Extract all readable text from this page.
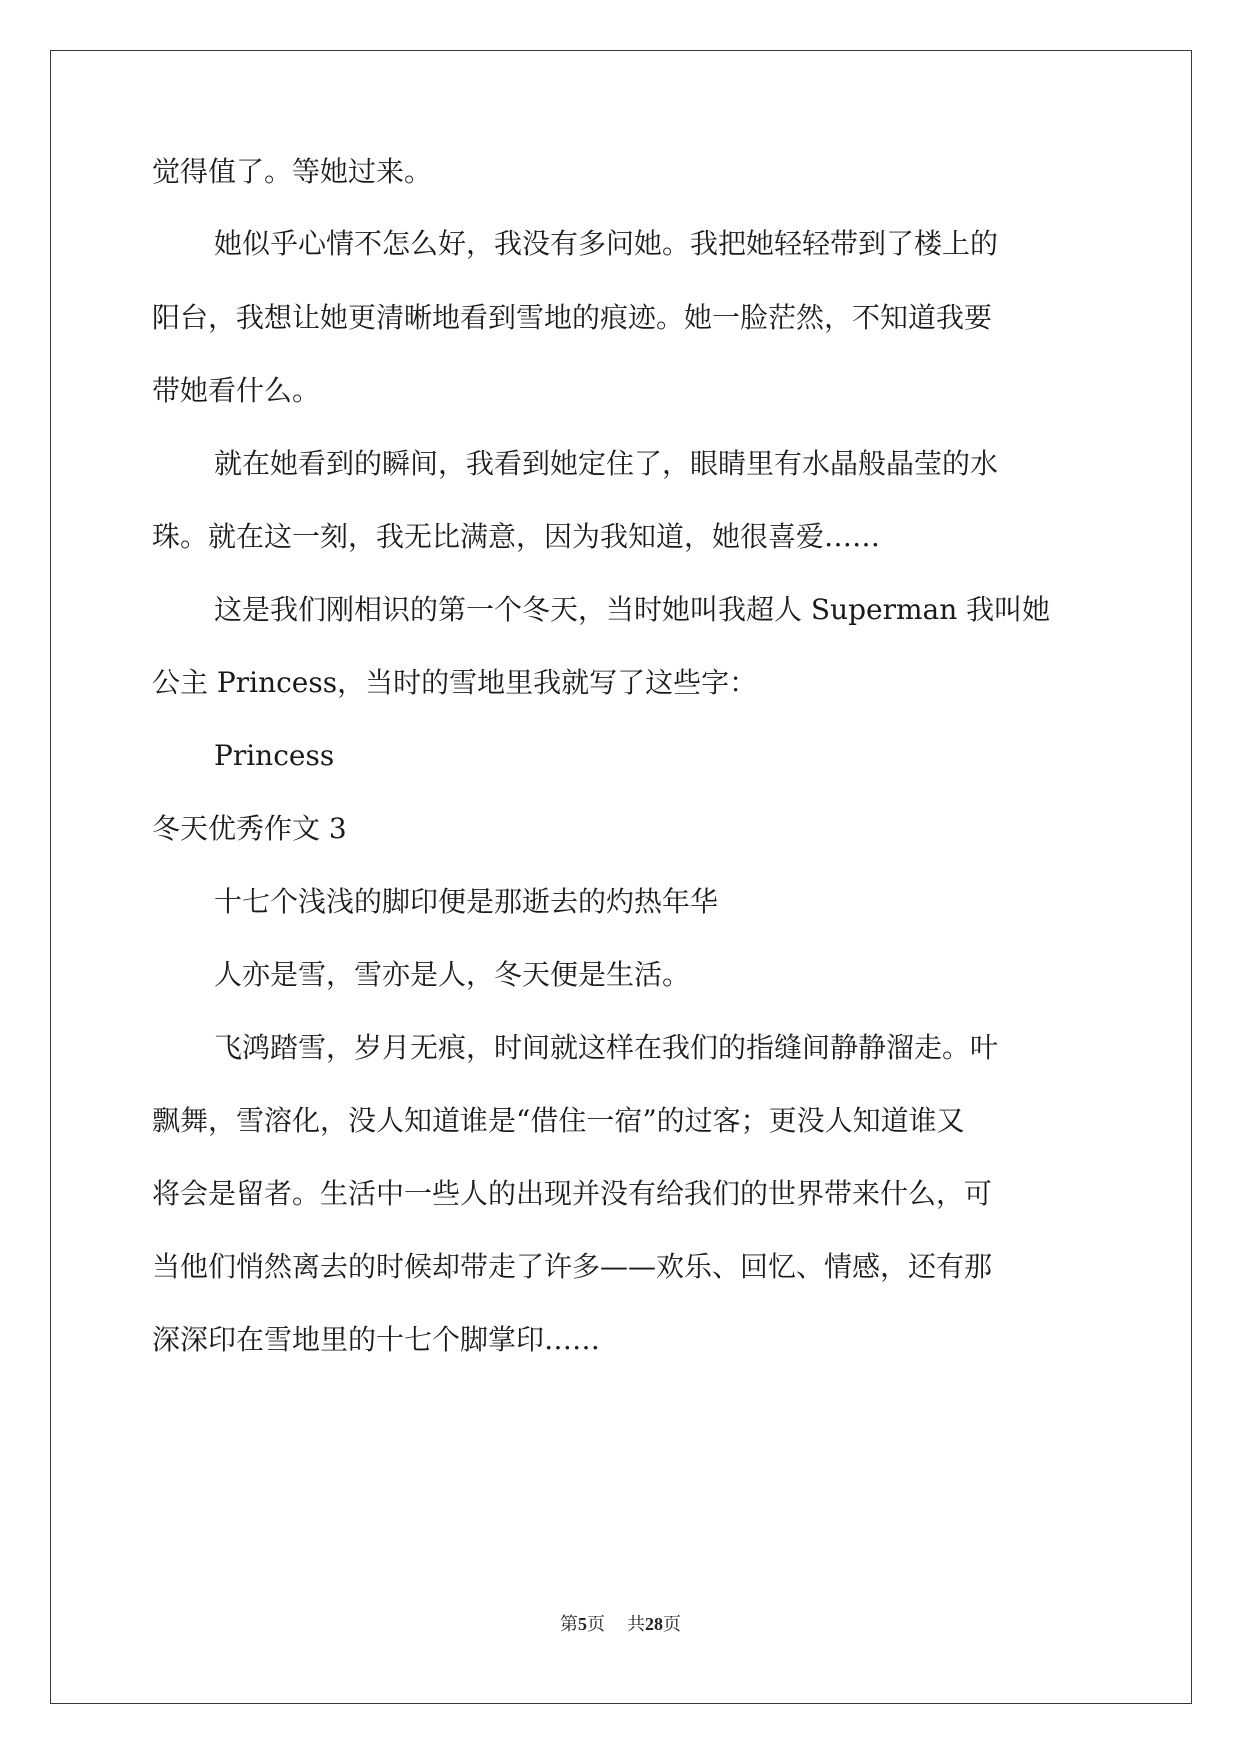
觉得值了。等她过来。

她似乎心情不怎么好，我没有多问她。我把她轻轻带到了楼上的

阳台，我想让她更清晰地看到雪地的痕迹。她一脸茫然，不知道我要

带她看什么。

就在她看到的瞬间，我看到她定住了，眼睛里有水晶般晶莹的水

珠。就在这一刻，我无比满意，因为我知道，她很喜爱……

这是我们刚相识的第一个冬天，当时她叫我超人 Superman 我叫她

公主 Princess，当时的雪地里我就写了这些字：

Princess

冬天优秀作文 3

十七个浅浅的脚印便是那逝去的灼热年华

人亦是雪，雪亦是人，冬天便是生活。

飞鸿踏雪，岁月无痕，时间就这样在我们的指缝间静静溜走。叶

飘舞，雪溶化，没人知道谁是“借住一宿”的过客；更没人知道谁又

将会是留者。生活中一些人的出现并没有给我们的世界带来什么，可

当他们悄然离去的时候却带走了许多——欢乐、回忆、情感，还有那

深深印在雪地里的十七个脚掌印……

第5页 共28页
